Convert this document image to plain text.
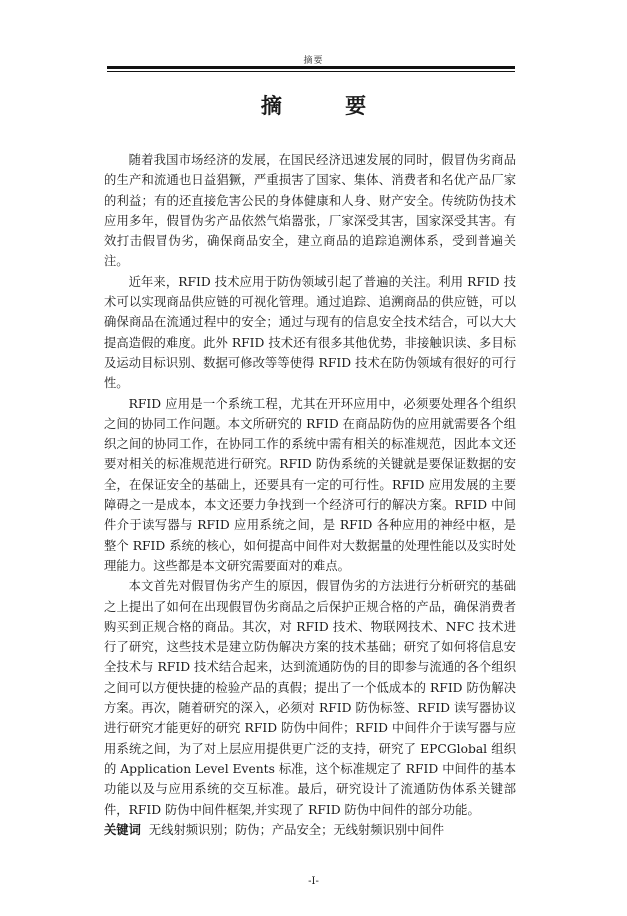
摘要
摘 要

随着我国市场经济的发展，在国民经济迅速发展的同时，假冒伪劣商品的生产和流通也日益猖獗，严重损害了国家、集体、消费者和名优产品厂家的利益；有的还直接危害公民的身体健康和人身、财产安全。传统防伪技术应用多年，假冒伪劣产品依然气焰嚣张，厂家深受其害，国家深受其害。有效打击假冒伪劣，确保商品安全，建立商品的追踪追溯体系，受到普遍关注。

近年来，RFID 技术应用于防伪领域引起了普遍的关注。利用 RFID 技术可以实现商品供应链的可视化管理。通过追踪、追溯商品的供应链，可以确保商品在流通过程中的安全；通过与现有的信息安全技术结合，可以大大提高造假的难度。此外 RFID 技术还有很多其他优势，非接触识读、多目标及运动目标识别、数据可修改等等使得 RFID 技术在防伪领域有很好的可行性。

RFID 应用是一个系统工程，尤其在开环应用中，必须要处理各个组织之间的协同工作问题。本文所研究的 RFID 在商品防伪的应用就需要各个组织之间的协同工作，在协同工作的系统中需有相关的标准规范，因此本文还要对相关的标准规范进行研究。RFID 防伪系统的关键就是要保证数据的安全，在保证安全的基础上，还要具有一定的可行性。RFID 应用发展的主要障碍之一是成本，本文还要力争找到一个经济可行的解决方案。RFID 中间件介于读写器与 RFID 应用系统之间，是 RFID 各种应用的神经中枢，是整个 RFID 系统的核心，如何提高中间件对大数据量的处理性能以及实时处理能力。这些都是本文研究需要面对的难点。

本文首先对假冒伪劣产生的原因，假冒伪劣的方法进行分析研究的基础之上提出了如何在出现假冒伪劣商品之后保护正规合格的产品，确保消费者购买到正规合格的商品。其次，对 RFID 技术、物联网技术、NFC 技术进行了研究，这些技术是建立防伪解决方案的技术基础；研究了如何将信息安全技术与 RFID 技术结合起来，达到流通防伪的目的即参与流通的各个组织之间可以方便快捷的检验产品的真假；提出了一个低成本的 RFID 防伪解决方案。再次，随着研究的深入，必须对 RFID 防伪标签、RFID 读写器协议进行研究才能更好的研究 RFID 防伪中间件；RFID 中间件介于读写器与应用系统之间，为了对上层应用提供更广泛的支持，研究了 EPCGlobal 组织的 Application Level Events 标准，这个标准规定了 RFID 中间件的基本功能以及与应用系统的交互标准。最后，研究设计了流通防伪体系关键部件，RFID 防伪中间件框架,并实现了 RFID 防伪中间件的部分功能。

关键词 无线射频识别；防伪；产品安全；无线射频识别中间件

-I-
